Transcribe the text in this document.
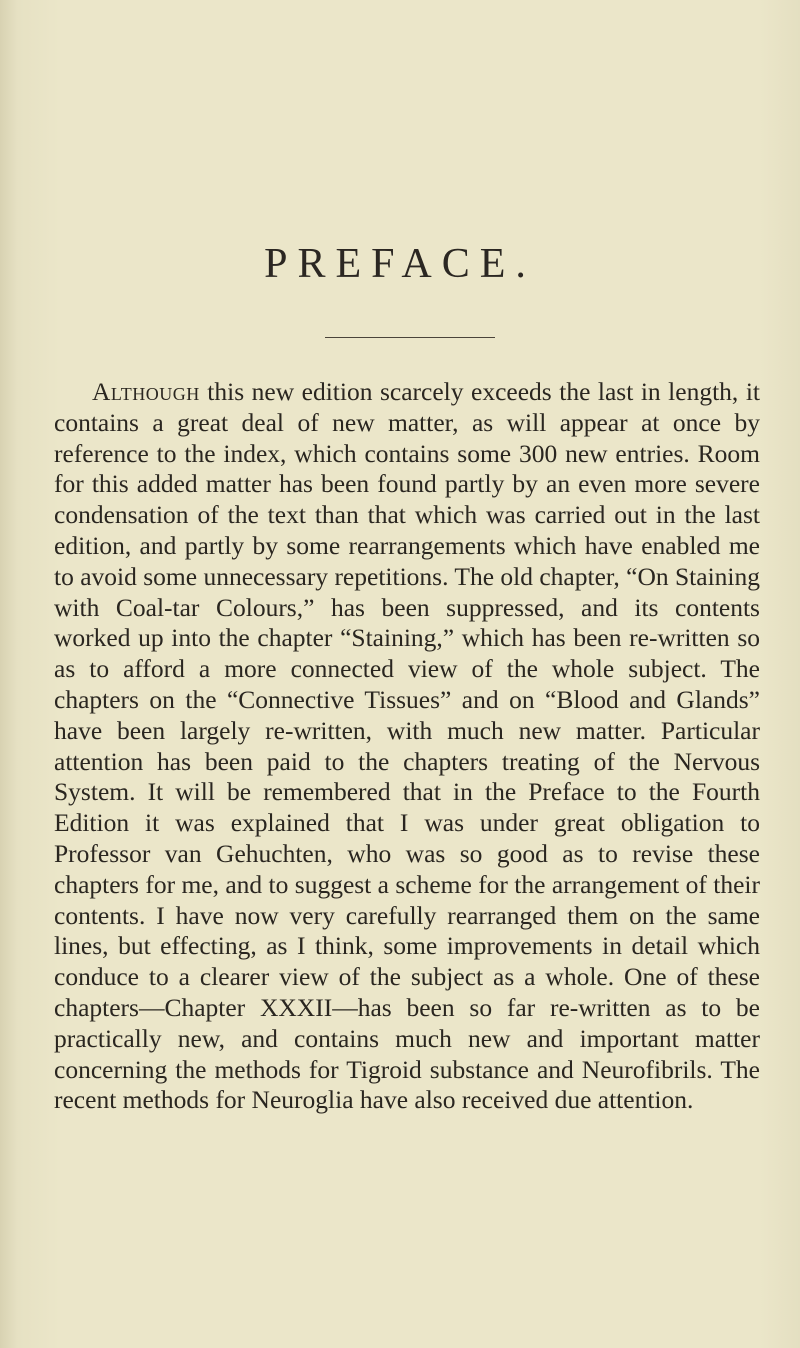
PREFACE.

Although this new edition scarcely exceeds the last in length, it contains a great deal of new matter, as will appear at once by reference to the index, which contains some 300 new entries. Room for this added matter has been found partly by an even more severe condensation of the text than that which was carried out in the last edition, and partly by some rearrangements which have enabled me to avoid some unnecessary repetitions. The old chapter, “On Staining with Coal-tar Colours,” has been suppressed, and its contents worked up into the chapter “Staining,” which has been re-written so as to afford a more connected view of the whole subject. The chapters on the “Connective Tissues” and on “Blood and Glands” have been largely re-written, with much new matter. Particular attention has been paid to the chapters treating of the Nervous System. It will be remembered that in the Preface to the Fourth Edition it was explained that I was under great obligation to Professor van Gehuchten, who was so good as to revise these chapters for me, and to suggest a scheme for the arrangement of their contents. I have now very carefully rearranged them on the same lines, but effecting, as I think, some improvements in detail which conduce to a clearer view of the subject as a whole. One of these chapters—Chapter XXXII—has been so far re-written as to be practically new, and contains much new and important matter concerning the methods for Tigroid substance and Neurofibrils. The recent methods for Neuroglia have also received due attention.
